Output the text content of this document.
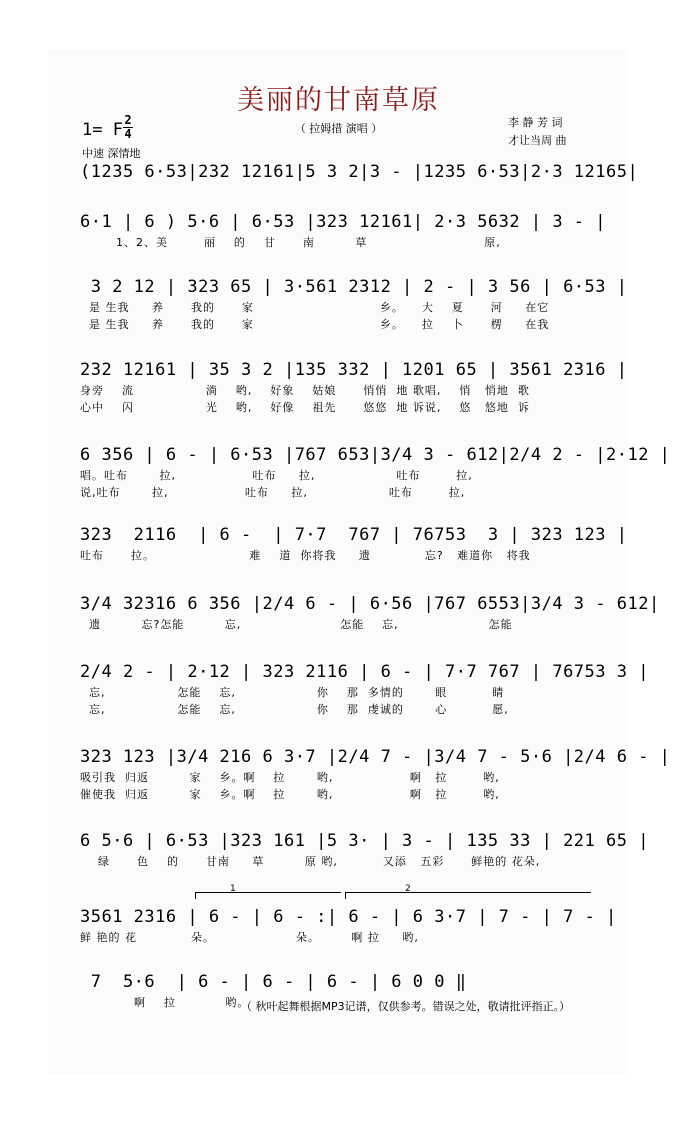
美丽的甘南草原
（ 拉姆措 演唱 ）
1= F 2
4
中速 深情地
李 静 芳 词
才让当周 曲
(1235 6·53|232 12161|5 3 2|3 - |1235 6·53|2·3 12165|
6·1 | 6 ) 5·6 | 6·53 |323 12161| 2·3 5632 | 3 - |
1、2、美        丽    的    甘      南         草                          原,
3 2 12 | 323 65 | 3·561 2312 | 2 - | 3 56 | 6·53 |
是 生我     养      我的      家                            乡。    大    夏      河     在它
是 生我     养      我的      家                            乡。    拉    卜      楞     在我
232 12161 | 35 3 2 |135 332 | 1201 65 | 3561 2316 |
身旁    流                淌    哟,    好象    姑娘      悄悄  地 歌唱,    悄   悄地  歌
心中    闪                光    哟,    好像    祖先      悠悠  地 诉说,    悠   悠地  诉
6 356 | 6 - | 6·53 |767 653|3/4 3 - 612|2/4 2 - |2·12 |
唱。吐布       拉,                 吐布     拉,                  吐布        拉,
说,吐布       拉,                 吐布     拉,                  吐布        拉,
323  2116  | 6 -  | 7·7  767 | 76753  3 | 323 123 |
吐布      拉。                     难    道  你将我     遗            忘?   难道你   将我
3/4 32316 6 356 |2/4 6 - | 6·56 |767 6553|3/4 3 - 612|
遗         忘?怎能         忘,                      怎能    忘,                    怎能
2/4 2 - | 2·12 | 323 2116 | 6 - | 7·7 767 | 76753 3 |
忘,                怎能    忘,                  你    那  多情的       眼          睛
忘,                怎能    忘,                  你    那  虔诚的       心          愿,
323 123 |3/4 216 6 3·7 |2/4 7 - |3/4 7 - 5·6 |2/4 6 - |
吸引我  归返         家    乡。啊    拉       哟,                 啊   拉        哟,
催使我  归返         家    乡。啊    拉       哟,                 啊   拉        哟,
6 5·6 | 6·53 |323 161 |5 3· | 3 - | 135 33 | 221 65 |
绿      色    的      甘南     草         原 哟,          又添   五彩      鲜艳的 花朵,
1	2
3561 2316 | 6 - | 6 - :| 6 - | 6 3·7 | 7 - | 7 - |
鲜 艳的 花            朵。                  朵。       啊 拉     哟,
7  5·6  | 6 - | 6 - | 6 - | 6 0 0 ‖
啊    拉           哟。
（ 秋叶起舞根据MP3记谱，仅供参考。错误之处，敬请批评指正。）
